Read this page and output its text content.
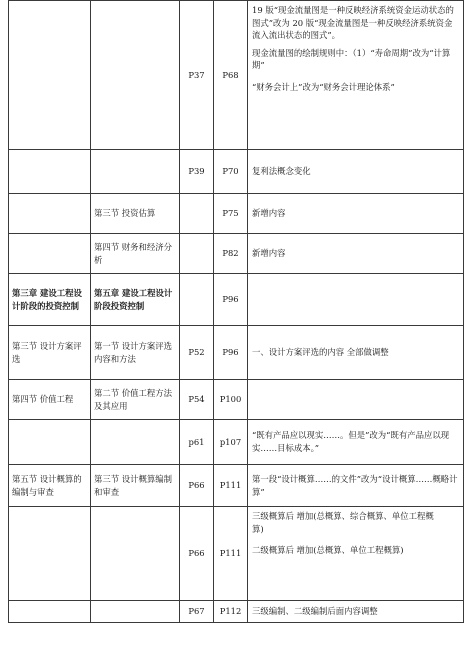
		P37	P68	19 版“现金流量图是一种反映经济系统资金运动状态的图式”改为 20 版“现金流量图是一种反映经济系统资金流入流出状态的图式”。
现金流量图的绘制规则中：（1）“寿命周期”改为“计算期”
“财务会计上”改为“财务会计理论体系”

		P39	P70	复利法概念变化

	第三节 投资估算		P75	新增内容

	第四节 财务和经济分析		P82	新增内容

第三章 建设工程设计阶段的投资控制	第五章 建设工程设计阶段投资控制		P96	
第三节 设计方案评选	第一节 设计方案评选内容和方法	P52	P96	一、设计方案评选的内容 全部做调整

第四节 价值工程	第二节 价值工程方法及其应用	P54	P100	
		p61	p107	“既有产品应以现实……。但是”改为“既有产品应以现实……目标成本。”

第五节 设计概算的编制与审查	第三节 设计概算编制和审查	P66	P111	第一段“设计概算……的文件”改为“设计概算……概略计算”

		P66	P111	三级概算后 增加(总概算、综合概算、单位工程概
算)
二级概算后 增加(总概算、单位工程概算)

		P67	P112	三级编制、二级编制后面内容调整
